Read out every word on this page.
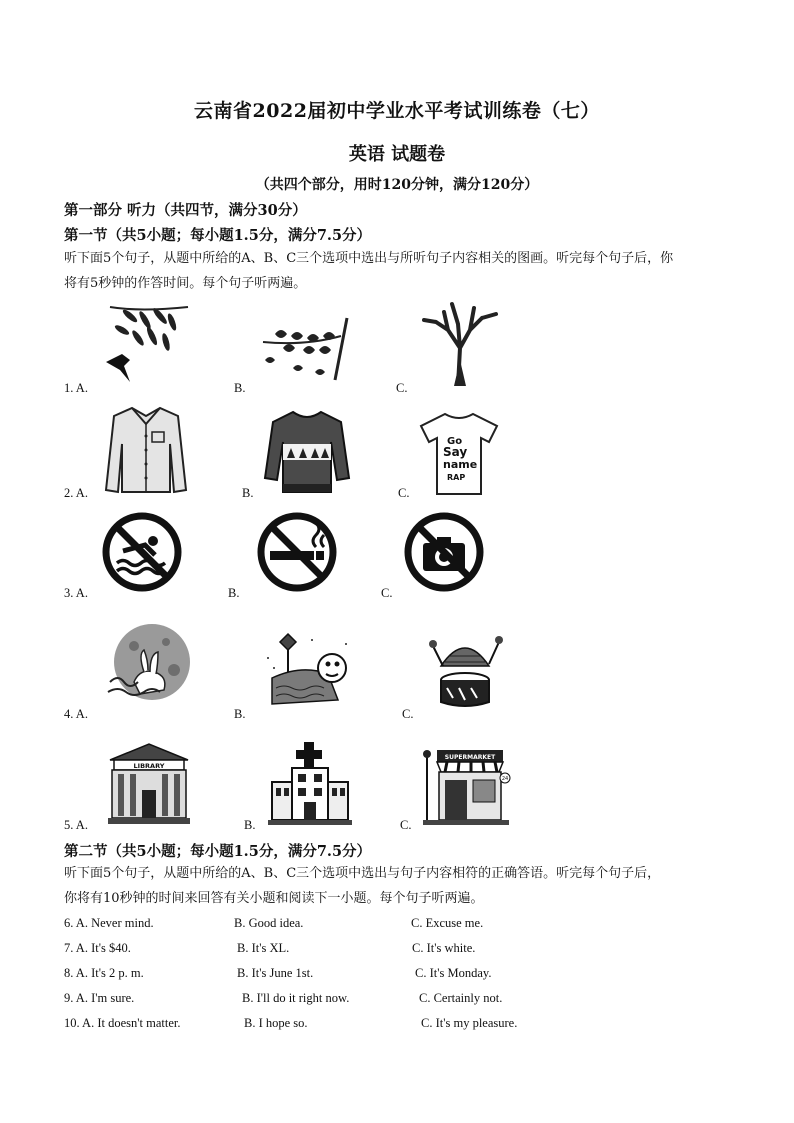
云南省2022届初中学业水平考试训练卷（七）
英语 试题卷
（共四个部分，用时120分钟，满分120分）
第一部分 听力（共四节，满分30分）
第一节（共5小题；每小题1.5分，满分7.5分）
听下面5个句子，从题中所给的A、B、C三个选项中选出与所听句子内容相关的图画。听完每个句子后，你
将有5秒钟的作答时间。每个句子听两遍。
1. A.	B.	C.
2. A.	B.	C.
Go
Say
name
RAP
3. A.	B.	C.
4. A.	B.	C.
5. A.	B.	C.
LIBRARY
SUPERMARKET
24
第二节（共5小题；每小题1.5分，满分7.5分）
听下面5个句子，从题中所给的A、B、C三个选项中选出与句子内容相符的正确答语。听完每个句子后，
你将有10秒钟的时间来回答有关小题和阅读下一小题。每个句子听两遍。
6. A. Never mind.	B. Good idea.	C. Excuse me.
7. A. It's $40.	B. It's XL.	C. It's white.
8. A. It's 2 p. m.	B. It's June 1st.	C. It's Monday.
9. A. I'm sure.	B. I'll do it right now.	C. Certainly not.
10. A. It doesn't matter.	B. I hope so.	C. It's my pleasure.
